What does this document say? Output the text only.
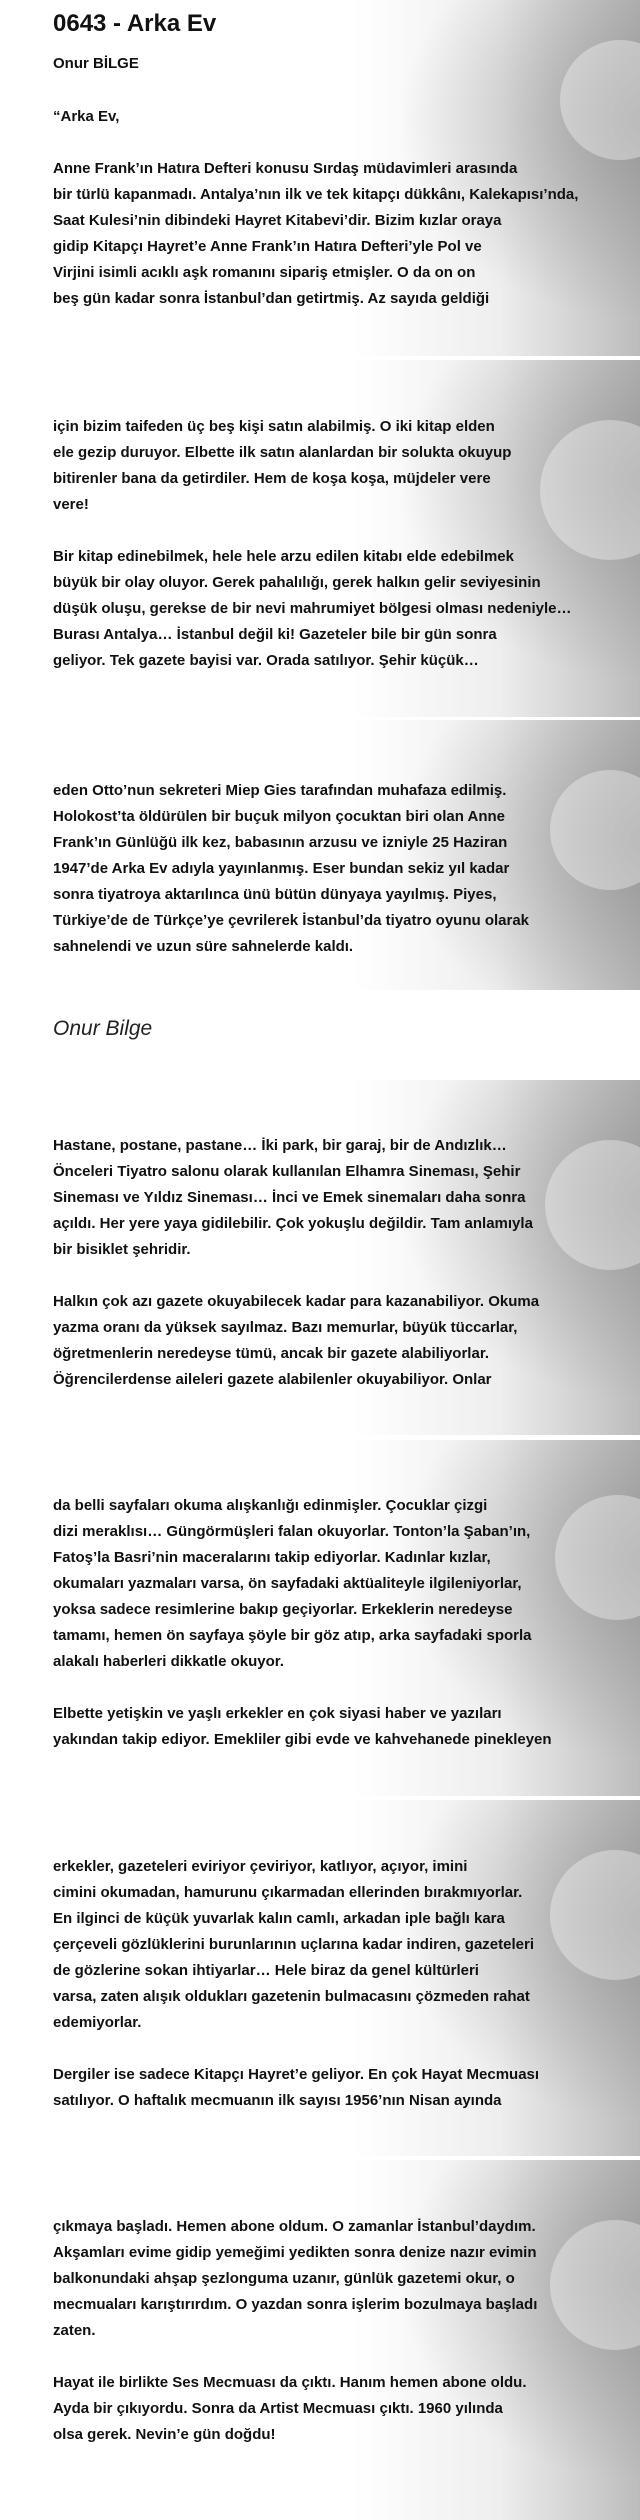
0643 - Arka Ev
Onur BİLGE

“Arka Ev,

Anne Frank’ın Hatıra Defteri konusu Sırdaş müdavimleri arasında
bir türlü kapanmadı. Antalya’nın ilk ve tek kitapçı dükkânı, Kalekapısı’nda,
Saat Kulesi’nin dibindeki Hayret Kitabevi’dir. Bizim kızlar oraya
gidip Kitapçı Hayret’e Anne Frank’ın Hatıra Defteri’yle Pol ve
Virjini isimli acıklı aşk romanını sipariş etmişler. O da on on
beş gün kadar sonra İstanbul’dan getirtmiş. Az sayıda geldiği

için bizim taifeden üç beş kişi satın alabilmiş. O iki kitap elden
ele gezip duruyor. Elbette ilk satın alanlardan bir solukta okuyup
bitirenler bana da getirdiler. Hem de koşa koşa, müjdeler vere
vere!

Bir kitap edinebilmek, hele hele arzu edilen kitabı elde edebilmek
büyük bir olay oluyor. Gerek pahalılığı, gerek halkın gelir seviyesinin
düşük oluşu, gerekse de bir nevi mahrumiyet bölgesi olması nedeniyle…
Burası Antalya… İstanbul değil ki! Gazeteler bile bir gün sonra
geliyor. Tek gazete bayisi var. Orada satılıyor. Şehir küçük…

eden Otto’nun sekreteri Miep Gies tarafından muhafaza edilmiş.
Holokost’ta öldürülen bir buçuk milyon çocuktan biri olan Anne
Frank’ın Günlüğü ilk kez, babasının arzusu ve izniyle 25 Haziran
1947’de Arka Ev adıyla yayınlanmış. Eser bundan sekiz yıl kadar
sonra tiyatroya aktarılınca ünü bütün dünyaya yayılmış. Piyes,
Türkiye’de de Türkçe’ye çevrilerek İstanbul’da tiyatro oyunu olarak
sahnelendi ve uzun süre sahnelerde kaldı.

Onur Bilge

Hastane, postane, pastane… İki park, bir garaj, bir de Andızlık…
Önceleri Tiyatro salonu olarak kullanılan Elhamra Sineması, Şehir
Sineması ve Yıldız Sineması… İnci ve Emek sinemaları daha sonra
açıldı. Her yere yaya gidilebilir. Çok yokuşlu değildir. Tam anlamıyla
bir bisiklet şehridir.

Halkın çok azı gazete okuyabilecek kadar para kazanabiliyor. Okuma
yazma oranı da yüksek sayılmaz. Bazı memurlar, büyük tüccarlar,
öğretmenlerin neredeyse tümü, ancak bir gazete alabiliyorlar.
Öğrencilerdense aileleri gazete alabilenler okuyabiliyor. Onlar

da belli sayfaları okuma alışkanlığı edinmişler. Çocuklar çizgi
dizi meraklısı… Güngörmüşleri falan okuyorlar. Tonton’la Şaban’ın,
Fatoş’la Basri’nin maceralarını takip ediyorlar. Kadınlar kızlar,
okumaları yazmaları varsa, ön sayfadaki aktüaliteyle ilgileniyorlar,
yoksa sadece resimlerine bakıp geçiyorlar. Erkeklerin neredeyse
tamamı, hemen ön sayfaya şöyle bir göz atıp, arka sayfadaki sporla
alakalı haberleri dikkatle okuyor.

Elbette yetişkin ve yaşlı erkekler en çok siyasi haber ve yazıları
yakından takip ediyor. Emekliler gibi evde ve kahvehanede pinekleyen

erkekler, gazeteleri eviriyor çeviriyor, katlıyor, açıyor, imini
cimini okumadan, hamurunu çıkarmadan ellerinden bırakmıyorlar.
En ilginci de küçük yuvarlak kalın camlı, arkadan iple bağlı kara
çerçeveli gözlüklerini burunlarının uçlarına kadar indiren, gazeteleri
de gözlerine sokan ihtiyarlar… Hele biraz da genel kültürleri
varsa, zaten alışık oldukları gazetenin bulmacasını çözmeden rahat
edemiyorlar.

Dergiler ise sadece Kitapçı Hayret’e geliyor. En çok Hayat Mecmuası
satılıyor. O haftalık mecmuanın ilk sayısı 1956’nın Nisan ayında

çıkmaya başladı. Hemen abone oldum. O zamanlar İstanbul’daydım.
Akşamları evime gidip yemeğimi yedikten sonra denize nazır evimin
balkonundaki ahşap şezlonguma uzanır, günlük gazetemi okur, o
mecmuaları karıştırırdım. O yazdan sonra işlerim bozulmaya başladı
zaten.

Hayat ile birlikte Ses Mecmuası da çıktı. Hanım hemen abone oldu.
Ayda bir çıkıyordu. Sonra da Artist Mecmuası çıktı. 1960 yılında
olsa gerek. Nevin’e gün doğdu!
